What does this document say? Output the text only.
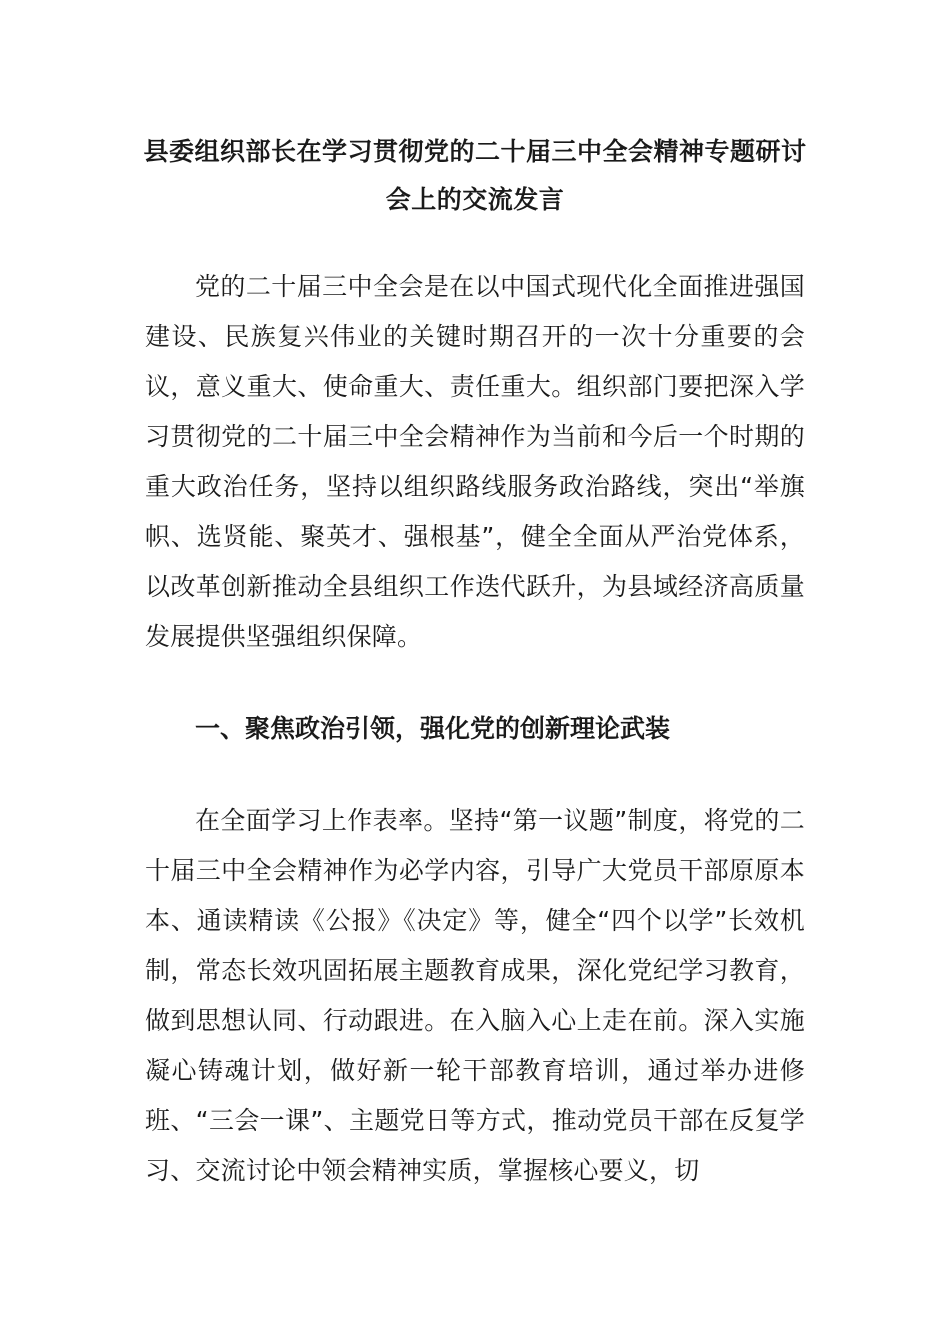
县委组织部长在学习贯彻党的二十届三中全会精神专题研讨会上的交流发言

党的二十届三中全会是在以中国式现代化全面推进强国建设、民族复兴伟业的关键时期召开的一次十分重要的会议，意义重大、使命重大、责任重大。组织部门要把深入学习贯彻党的二十届三中全会精神作为当前和今后一个时期的重大政治任务，坚持以组织路线服务政治路线，突出“举旗帜、选贤能、聚英才、强根基”，健全全面从严治党体系，以改革创新推动全县组织工作迭代跃升，为县域经济高质量发展提供坚强组织保障。

一、聚焦政治引领，强化党的创新理论武装

在全面学习上作表率。坚持“第一议题”制度，将党的二十届三中全会精神作为必学内容，引导广大党员干部原原本本、通读精读《公报》《决定》等，健全“四个以学”长效机制，常态长效巩固拓展主题教育成果，深化党纪学习教育，做到思想认同、行动跟进。在入脑入心上走在前。深入实施凝心铸魂计划，做好新一轮干部教育培训，通过举办进修班、“三会一课”、主题党日等方式，推动党员干部在反复学习、交流讨论中领会精神实质，掌握核心要义，切
